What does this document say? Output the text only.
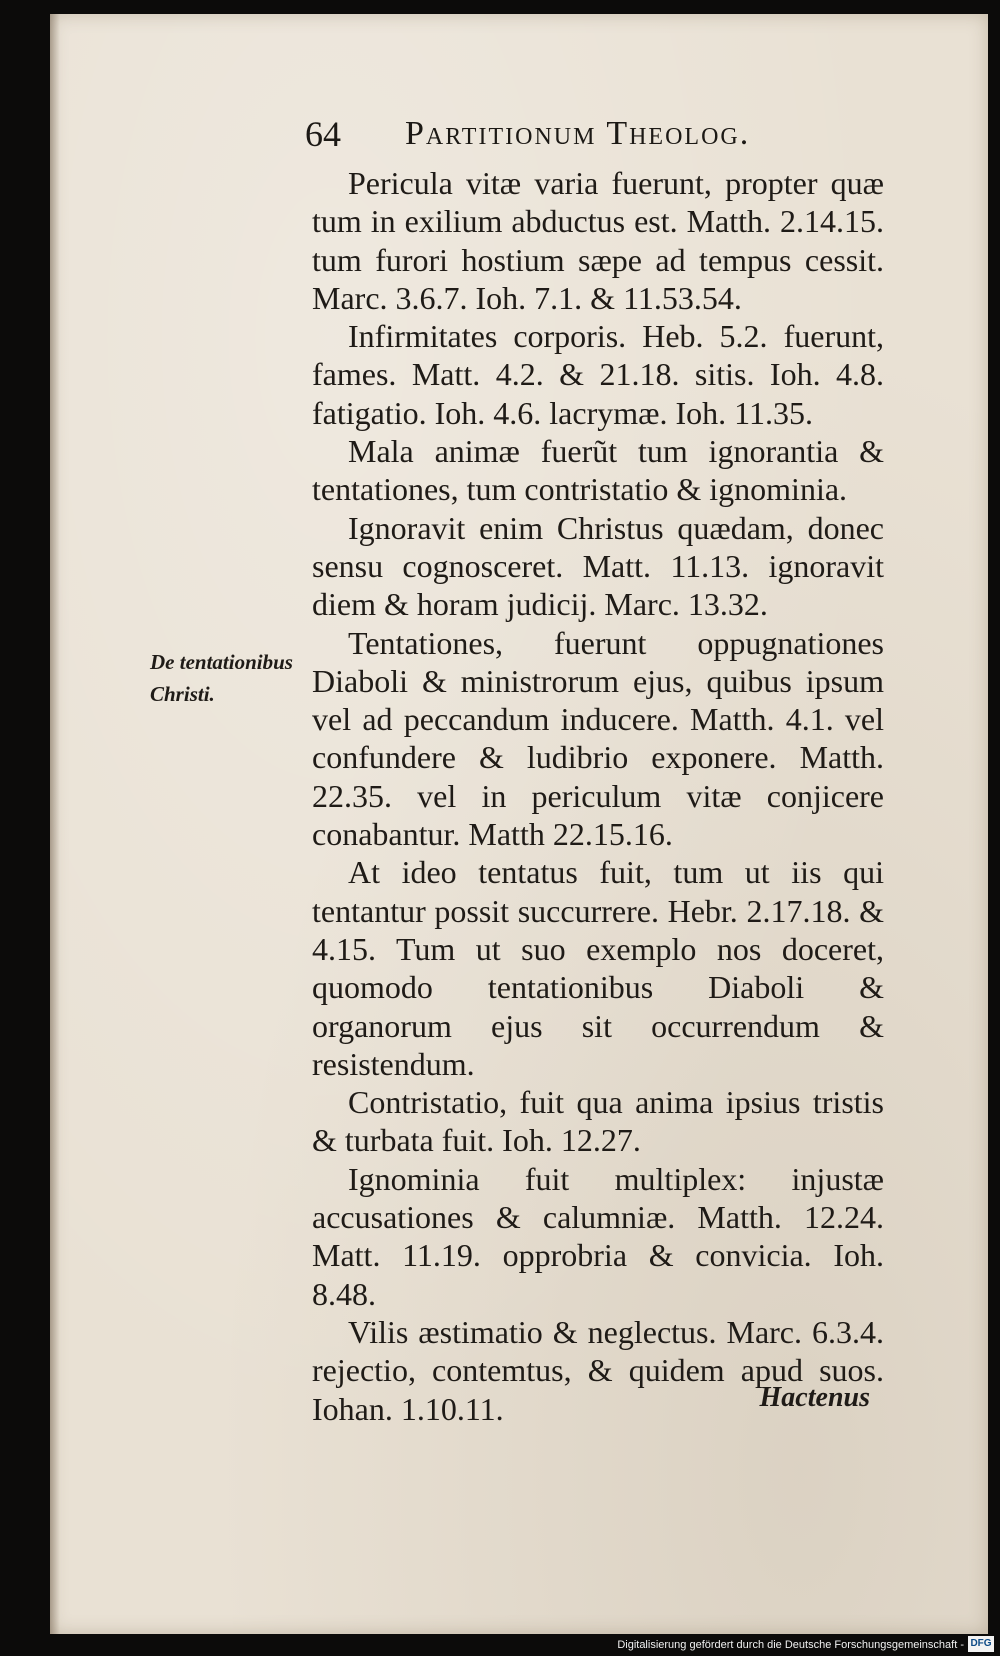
64 Partitionum Theolog.
De tentationibus Christi.

Pericula vitæ varia fuerunt, propter quæ tum in exilium abductus est. Matth. 2.14.15. tum furori hostium sæpe ad tempus cessit. Marc. 3.6.7. Ioh. 7.1. & 11.53.54.

Infirmitates corporis. Heb. 5.2. fuerunt, fames. Matt. 4.2. & 21.18. sitis. Ioh. 4.8. fatigatio. Ioh. 4.6. lacrymæ. Ioh. 11.35.

Mala animæ fuerũt tum ignorantia & tentationes, tum contristatio & ignominia.

Ignoravit enim Christus quædam, donec sensu cognosceret. Matt. 11.13. ignoravit diem & horam judicij. Marc. 13.32.

Tentationes, fuerunt oppugnationes Diaboli & ministrorum ejus, quibus ipsum vel ad peccandum inducere. Matth. 4.1. vel confundere & ludibrio exponere. Matth. 22.35. vel in periculum vitæ conjicere conabantur. Matth 22.15.16.

At ideo tentatus fuit, tum ut iis qui tentantur possit succurrere. Hebr. 2.17.18. & 4.15. Tum ut suo exemplo nos doceret, quomodo tentationibus Diaboli & organorum ejus sit occurrendum & resistendum.

Contristatio, fuit qua anima ipsius tristis & turbata fuit. Ioh. 12.27.

Ignominia fuit multiplex: injustæ accusationes & calumniæ. Matth. 12.24. Matt. 11.19. opprobria & convicia. Ioh. 8.48.

Vilis æstimatio & neglectus. Marc. 6.3.4. rejectio, contemtus, & quidem apud suos. Iohan. 1.10.11.	Hactenus
Digitalisierung gefördert durch die Deutsche Forschungsgemeinschaft - DFG
